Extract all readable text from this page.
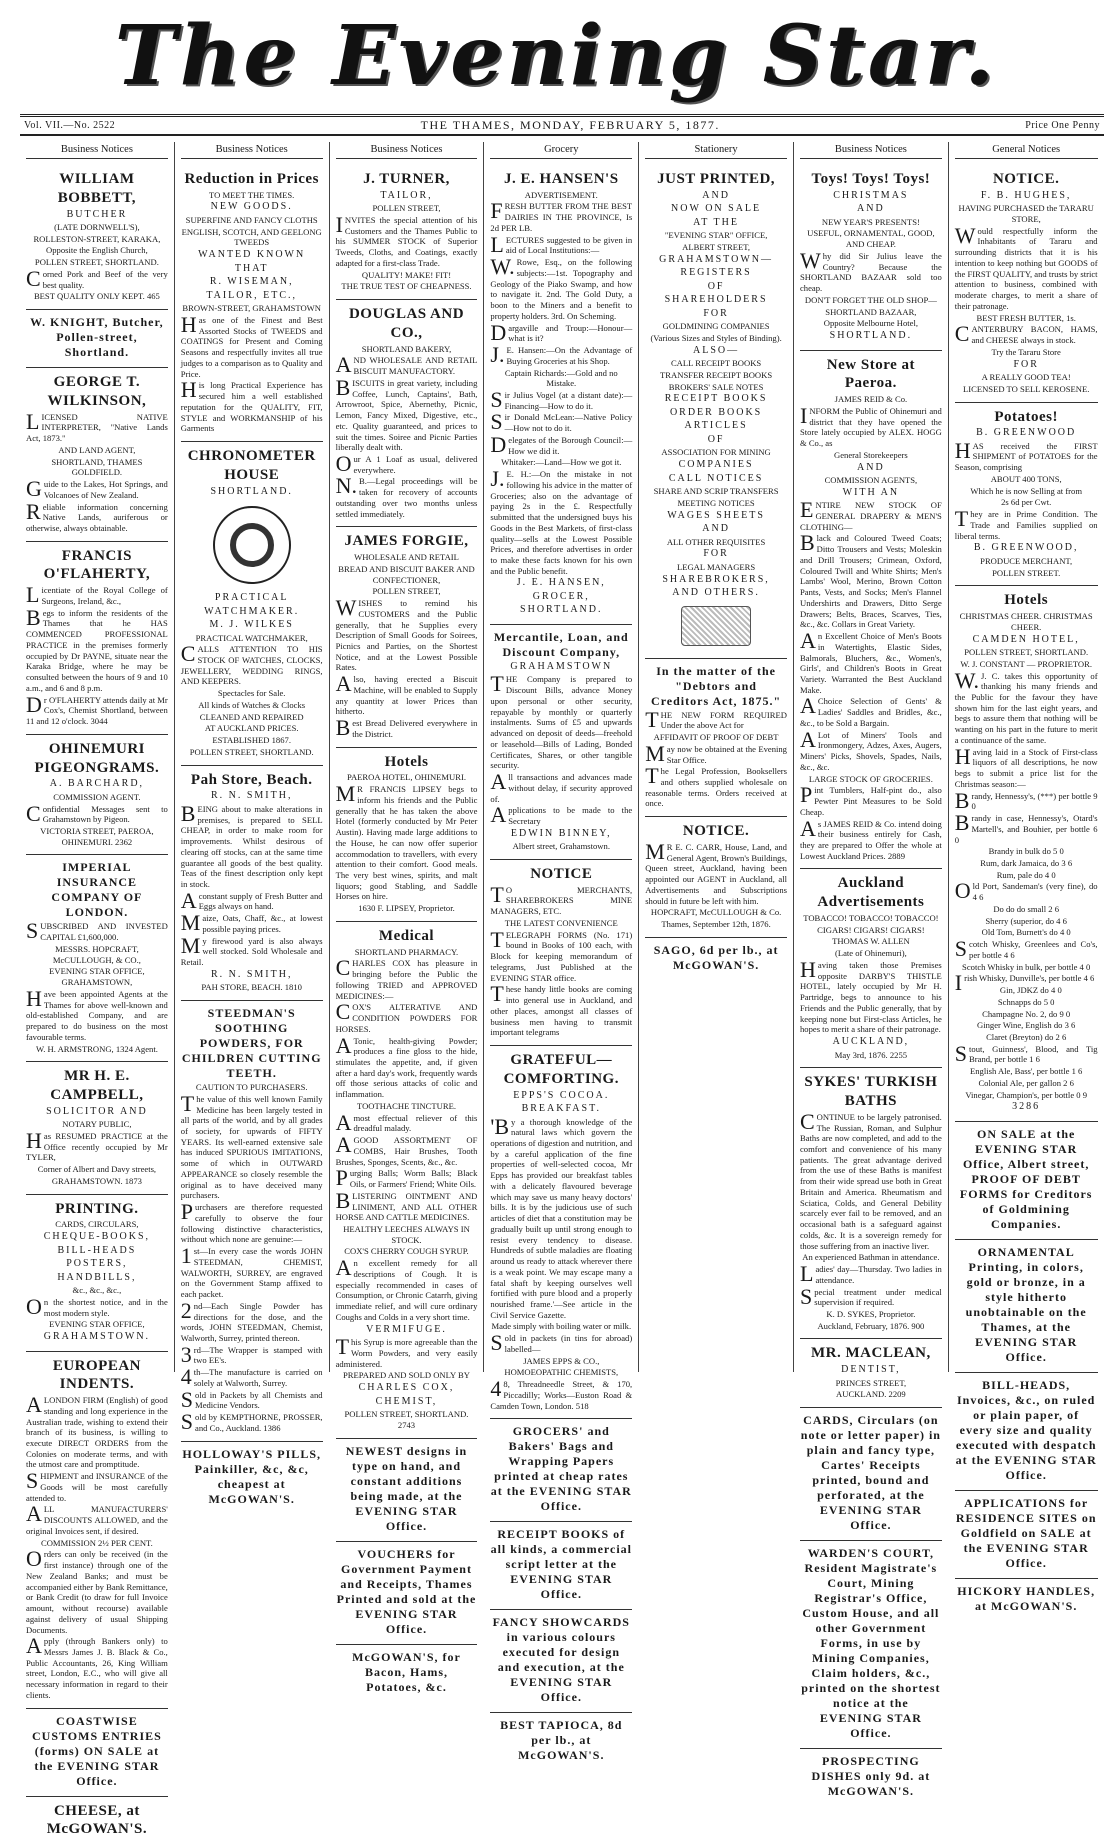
The Evening Star.
Vol. VII.—No. 2522	THE THAMES, MONDAY, FEBRUARY 5, 1877.	Price One Penny
Business Notices

WILLIAM BOBBETT,

BUTCHER

(LATE DORNWELL'S),

ROLLESTON-STREET, KARAKA,

Opposite the English Church,

POLLEN STREET, SHORTLAND.

Corned Pork and Beef of the very best quality.

BEST QUALITY ONLY KEPT. 465

W. KNIGHT, Butcher, Pollen-street, Shortland.

GEORGE T. WILKINSON,

LICENSED NATIVE INTERPRETER, "Native Lands Act, 1873."

AND LAND AGENT,

SHORTLAND, THAMES GOLDFIELD.

Guide to the Lakes, Hot Springs, and Volcanoes of New Zealand.

Reliable information concerning Native Lands, auriferous or otherwise, always obtainable.

FRANCIS O'FLAHERTY,

Licentiate of the Royal College of Surgeons, Ireland, &c.,

Begs to inform the residents of the Thames that he HAS COMMENCED PROFESSIONAL PRACTICE in the premises formerly occupied by Dr PAYNE, situate near the Karaka Bridge, where he may be consulted between the hours of 9 and 10 a.m., and 6 and 8 p.m.

Dr O'FLAHERTY attends daily at Mr Cox's, Chemist Shortland, between 11 and 12 o'clock. 3044

OHINEMURI PIGEONGRAMS.

A. BARCHARD,

COMMISSION AGENT.

Confidential Messages sent to Grahamstown by Pigeon.

VICTORIA STREET, PAEROA, OHINEMURI. 2362

IMPERIAL INSURANCE COMPANY OF LONDON.

SUBSCRIBED AND INVESTED CAPITAL £1,600,000.

MESSRS. HOPCRAFT, McCULLOUGH, & CO.,

EVENING STAR OFFICE, GRAHAMSTOWN,

Have been appointed Agents at the Thames for above well-known and old-established Company, and are prepared to do business on the most favourable terms.

W. H. ARMSTRONG, 1324 Agent.

MR H. E. CAMPBELL,

SOLICITOR AND

NOTARY PUBLIC,

Has RESUMED PRACTICE at the Office recently occupied by Mr TYLER,

Corner of Albert and Davy streets,

GRAHAMSTOWN. 1873

PRINTING.

CARDS, CIRCULARS,

CHEQUE-BOOKS,

BILL-HEADS

POSTERS,

HANDBILLS,

&c., &c., &c.,

On the shortest notice, and in the most modern style.

EVENING STAR OFFICE,

GRAHAMSTOWN.

EUROPEAN INDENTS.

ALONDON FIRM (English) of good standing and long experience in the Australian trade, wishing to extend their branch of its business, is willing to execute DIRECT ORDERS from the Colonies on moderate terms, and with the utmost care and promptitude.

SHIPMENT and INSURANCE of the Goods will be most carefully attended to.

ALL MANUFACTURERS' DISCOUNTS ALLOWED, and the original Invoices sent, if desired.

COMMISSION 2½ PER CENT.

Orders can only be received (in the first instance) through one of the New Zealand Banks; and must be accompanied either by Bank Remittance, or Bank Credit (to draw for full Invoice amount, without recourse) available against delivery of usual Shipping Documents.

Apply (through Bankers only) to Messrs James J. B. Black & Co., Public Accountants, 26, King William street, London, E.C., who will give all necessary information in regard to their clients.

COASTWISE CUSTOMS ENTRIES (forms) ON SALE at the EVENING STAR Office.

CHEESE, at McGOWAN'S.

Business Notices

Reduction in Prices

TO MEET THE TIMES.

NEW GOODS.

SUPERFINE AND FANCY CLOTHS

ENGLISH, SCOTCH, AND GEELONG TWEEDS

WANTED KNOWN

THAT

R. WISEMAN,

TAILOR, ETC.,

BROWN-STREET, GRAHAMSTOWN

Has one of the Finest and Best Assorted Stocks of TWEEDS and COATINGS for Present and Coming Seasons and respectfully invites all true judges to a comparison as to Quality and Price.

His long Practical Experience has secured him a well established reputation for the QUALITY, FIT, STYLE and WORKMANSHIP of his Garments

CHRONOMETER HOUSE

SHORTLAND.

PRACTICAL

WATCHMAKER.

M. J. WILKES

PRACTICAL WATCHMAKER,

CALLS ATTENTION TO HIS STOCK OF WATCHES, CLOCKS, JEWELLERY, WEDDING RINGS, AND KEEPERS.

Spectacles for Sale.

All kinds of Watches & Clocks

CLEANED AND REPAIRED

AT AUCKLAND PRICES.

ESTABLISHED 1867.

POLLEN STREET, SHORTLAND.

Pah Store, Beach.

R. N. SMITH,

BEING about to make alterations in premises, is prepared to SELL CHEAP, in order to make room for improvements. Whilst desirous of clearing off stocks, can at the same time guarantee all goods of the best quality. Teas of the finest description only kept in stock.

Aconstant supply of Fresh Butter and Eggs always on hand.

Maize, Oats, Chaff, &c., at lowest possible paying prices.

My firewood yard is also always well stocked. Sold Wholesale and Retail.

R. N. SMITH,

PAH STORE, BEACH. 1810

STEEDMAN'S SOOTHING POWDERS, FOR CHILDREN CUTTING TEETH.

CAUTION TO PURCHASERS.

The value of this well known Family Medicine has been largely tested in all parts of the world, and by all grades of society, for upwards of FIFTY YEARS. Its well-earned extensive sale has induced SPURIOUS IMITATIONS, some of which in OUTWARD APPEARANCE so closely resemble the original as to have deceived many purchasers.

Purchasers are therefore requested carefully to observe the four following distinctive characteristics, without which none are genuine:—

1st—In every case the words JOHN STEEDMAN, CHEMIST, WALWORTH, SURREY, are engraved on the Government Stamp affixed to each packet.

2nd—Each Single Powder has directions for the dose, and the words, JOHN STEEDMAN, Chemist, Walworth, Surrey, printed thereon.

3rd—The Wrapper is stamped with two EE's.

4th—The manufacture is carried on solely at Walworth, Surrey.

Sold in Packets by all Chemists and Medicine Vendors.

Sold by KEMPTHORNE, PROSSER, and Co., Auckland. 1386

HOLLOWAY'S PILLS, Painkiller, &c, &c, cheapest at McGOWAN'S.

Business Notices

J. TURNER,

TAILOR,

POLLEN STREET,

INVITES the special attention of his Customers and the Thames Public to his SUMMER STOCK of Superior Tweeds, Cloths, and Coatings, exactly adapted for a first-class Trade.

QUALITY! MAKE! FIT!

THE TRUE TEST OF CHEAPNESS.

DOUGLAS AND CO.,

SHORTLAND BAKERY,

AND WHOLESALE AND RETAIL BISCUIT MANUFACTORY.

BISCUITS in great variety, including Coffee, Lunch, Captains', Bath, Arrowroot, Spice, Abernethy, Picnic, Lemon, Fancy Mixed, Digestive, etc., etc. Quality guaranteed, and prices to suit the times. Soiree and Picnic Parties liberally dealt with.

Our A 1 Loaf as usual, delivered everywhere.

N.B.—Legal proceedings will be taken for recovery of accounts outstanding over two months unless settled immediately.

JAMES FORGIE,

WHOLESALE AND RETAIL

BREAD AND BISCUIT BAKER AND CONFECTIONER,

POLLEN STREET,

WISHES to remind his CUSTOMERS and the Public generally, that he Supplies every Description of Small Goods for Soirees, Picnics and Parties, on the Shortest Notice, and at the Lowest Possible Rates.

Also, having erected a Biscuit Machine, will be enabled to Supply any quantity at lower Prices than hitherto.

Best Bread Delivered everywhere in the District.

Hotels

PAEROA HOTEL, OHINEMURI.

MR FRANCIS LIPSEY begs to inform his friends and the Public generally that he has taken the above Hotel (formerly conducted by Mr Peter Austin). Having made large additions to the House, he can now offer superior accommodation to travellers, with every attention to their comfort. Good meals. The very best wines, spirits, and malt liquors; good Stabling, and Saddle Horses on hire.

1630 F. LIPSEY, Proprietor.

Medical

SHORTLAND PHARMACY.

CHARLES COX has pleasure in bringing before the Public the following TRIED and APPROVED MEDICINES:—

COX'S ALTERATIVE AND CONDITION POWDERS FOR HORSES.

ATonic, health-giving Powder; produces a fine gloss to the hide, stimulates the appetite, and, if given after a hard day's work, frequently wards off those serious attacks of colic and inflammation.

TOOTHACHE TINCTURE.

Amost effectual reliever of this dreadful malady.

AGOOD ASSORTMENT OF COMBS, Hair Brushes, Tooth Brushes, Sponges, Scents, &c., &c.

Purging Balls; Worm Balls; Black Oils, or Farmers' Friend; White Oils.

BLISTERING OINTMENT AND LINIMENT, AND ALL OTHER HORSE AND CATTLE MEDICINES.

HEALTHY LEECHES ALWAYS IN STOCK.

COX'S CHERRY COUGH SYRUP.

An excellent remedy for all descriptions of Cough. It is especially recommended in cases of Consumption, or Chronic Catarrh, giving immediate relief, and will cure ordinary Coughs and Colds in a very short time.

VERMIFUGE.

This Syrup is more agreeable than the Worm Powders, and very easily administered.

PREPARED AND SOLD ONLY BY

CHARLES COX,

CHEMIST,

POLLEN STREET, SHORTLAND. 2743

NEWEST designs in type on hand, and constant additions being made, at the EVENING STAR Office.

VOUCHERS for Government Payment and Receipts, Thames Printed and sold at the EVENING STAR Office.

McGOWAN'S, for Bacon, Hams, Potatoes, &c.

Grocery

J. E. HANSEN'S

ADVERTISEMENT.

FRESH BUTTER FROM THE BEST DAIRIES IN THE PROVINCE, Is 2d PER LB.

LECTURES suggested to be given in aid of Local Institutions:—

W.Rowe, Esq., on the following subjects:—1st. Topography and Geology of the Piako Swamp, and how to navigate it. 2nd. The Gold Duty, a boon to the Miners and a benefit to property holders. 3rd. On Scheming.

Dargaville and Troup:—Honour—what is it?

J.E. Hansen:—On the Advantage of Buying Groceries at his Shop.

Captain Richards:—Gold and no Mistake.

Sir Julius Vogel (at a distant date):—Financing—How to do it.

Sir Donald McLean:—Native Policy—How not to do it.

Delegates of the Borough Council:—How we did it.

Whitaker:—Land—How we got it.

J.E. H.:—On the mistake in not following his advice in the matter of Groceries; also on the advantage of paying 2s in the £. Respectfully submitted that the undersigned buys his Goods in the Best Markets, of first-class quality—sells at the Lowest Possible Prices, and therefore advertises in order to make these facts known for his own and the Public benefit.

J. E. HANSEN,

GROCER,

SHORTLAND.

Mercantile, Loan, and Discount Company,

GRAHAMSTOWN

THE Company is prepared to Discount Bills, advance Money upon personal or other security, repayable by monthly or quarterly instalments. Sums of £5 and upwards advanced on deposit of deeds—freehold or leasehold—Bills of Lading, Bonded Certificates, Shares, or other tangible security.

All transactions and advances made without delay, if security approved of.

Applications to be made to the Secretary

EDWIN BINNEY,

Albert street, Grahamstown.

NOTICE

TO MERCHANTS, SHAREBROKERS MINE MANAGERS, ETC.

THE LATEST CONVENIENCE

TELEGRAPH FORMS (No. 171) bound in Books of 100 each, with Block for keeping memorandum of telegrams, Just Published at the EVENING STAR office.

These handy little books are coming into general use in Auckland, and other places, amongst all classes of business men having to transmit important telegrams

GRATEFUL—COMFORTING.

EPPS'S COCOA.

BREAKFAST.

'By a thorough knowledge of the natural laws which govern the operations of digestion and nutrition, and by a careful application of the fine properties of well-selected cocoa, Mr Epps has provided our breakfast tables with a delicately flavoured beverage which may save us many heavy doctors' bills. It is by the judicious use of such articles of diet that a constitution may be gradually built up until strong enough to resist every tendency to disease. Hundreds of subtle maladies are floating around us ready to attack wherever there is a weak point. We may escape many a fatal shaft by keeping ourselves well fortified with pure blood and a properly nourished frame.'—See article in the Civil Service Gazette.

Made simply with boiling water or milk.

Sold in packets (in tins for abroad) labelled—

JAMES EPPS & CO.,

HOMOEOPATHIC CHEMISTS,

48, Threadneedle Street, & 170, Piccadilly; Works—Euston Road & Camden Town, London. 518

GROCERS' and Bakers' Bags and Wrapping Papers printed at cheap rates at the EVENING STAR Office.

RECEIPT BOOKS of all kinds, a commercial script letter at the EVENING STAR Office.

FANCY SHOWCARDS in various colours executed for design and execution, at the EVENING STAR Office.

BEST TAPIOCA, 8d per lb., at McGOWAN'S.

Stationery

JUST PRINTED,

AND

NOW ON SALE

AT THE

"EVENING STAR" OFFICE,

ALBERT STREET,

GRAHAMSTOWN—

REGISTERS

OF

SHAREHOLDERS

FOR

GOLDMINING COMPANIES

(Various Sizes and Styles of Binding).

ALSO—

CALL RECEIPT BOOKS

TRANSFER RECEIPT BOOKS

BROKERS' SALE NOTES

RECEIPT BOOKS

ORDER BOOKS

ARTICLES

OF

ASSOCIATION FOR MINING

COMPANIES

CALL NOTICES

SHARE AND SCRIP TRANSFERS

MEETING NOTICES

WAGES SHEETS

AND

ALL OTHER REQUISITES

FOR

LEGAL MANAGERS

SHAREBROKERS,

AND OTHERS.

In the matter of the "Debtors and Creditors Act, 1875."

THE NEW FORM REQUIRED Under the above Act for

AFFIDAVIT OF PROOF OF DEBT

May now be obtained at the Evening Star Office.

The Legal Profession, Booksellers and others supplied wholesale on reasonable terms. Orders received at once.

NOTICE.

MR E. C. CARR, House, Land, and General Agent, Brown's Buildings, Queen street, Auckland, having been appointed our AGENT in Auckland, all Advertisements and Subscriptions should in future be left with him.

HOPCRAFT, McCULLOUGH & Co.

Thames, September 12th, 1876.

SAGO, 6d per lb., at McGOWAN'S.

Business Notices

Toys! Toys! Toys!

CHRISTMAS

AND

NEW YEAR'S PRESENTS!

USEFUL, ORNAMENTAL, GOOD, AND CHEAP.

Why did Sir Julius leave the Country? Because the SHORTLAND BAZAAR sold too cheap.

DON'T FORGET THE OLD SHOP—

SHORTLAND BAZAAR,

Opposite Melbourne Hotel,

SHORTLAND.

New Store at Paeroa.

JAMES REID & Co.

INFORM the Public of Ohinemuri and district that they have opened the Store lately occupied by ALEX. HOGG & Co., as

General Storekeepers

AND

COMMISSION AGENTS,

WITH AN

ENTIRE NEW STOCK OF GENERAL DRAPERY & MEN'S CLOTHING—

Black and Coloured Tweed Coats; Ditto Trousers and Vests; Moleskin and Drill Trousers; Crimean, Oxford, Coloured Twill and White Shirts; Men's Lambs' Wool, Merino, Brown Cotton Pants, Vests, and Socks; Men's Flannel Undershirts and Drawers, Ditto Serge Drawers; Belts, Braces, Scarves, Ties, &c., &c. Collars in Great Variety.

An Excellent Choice of Men's Boots in Watertights, Elastic Sides, Balmorals, Bluchers, &c., Women's, Girls', and Children's Boots in Great Variety. Warranted the Best Auckland Make.

AChoice Selection of Gents' & Ladies' Saddles and Bridles, &c., &c., to be Sold a Bargain.

ALot of Miners' Tools and Ironmongery, Adzes, Axes, Augers, Miners' Picks, Shovels, Spades, Nails, &c., &c.

LARGE STOCK OF GROCERIES.

Pint Tumblers, Half-pint do., also Pewter Pint Measures to be Sold Cheap.

As JAMES REID & Co. intend doing their business entirely for Cash, they are prepared to Offer the whole at Lowest Auckland Prices. 2889

Auckland Advertisements

TOBACCO! TOBACCO! TOBACCO!

CIGARS! CIGARS! CIGARS!

THOMAS W. ALLEN

(Late of Ohinemuri),

Having taken those Premises opposite DARBY'S THISTLE HOTEL, lately occupied by Mr H. Partridge, begs to announce to his Friends and the Public generally, that by keeping none but First-class Articles, he hopes to merit a share of their patronage.

AUCKLAND,

May 3rd, 1876. 2255

SYKES' TURKISH BATHS

CONTINUE to be largely patronised. The Russian, Roman, and Sulphur Baths are now completed, and add to the comfort and convenience of his many patients. The great advantage derived from the use of these Baths is manifest from their wide spread use both in Great Britain and America. Rheumatism and Sciatica, Colds, and General Debility scarcely ever fail to be removed, and an occasional bath is a safeguard against colds, &c. It is a sovereign remedy for those suffering from an inactive liver.

An experienced Bathman in attendance.

Ladies' day—Thursday. Two ladies in attendance.

Special treatment under medical supervision if required.

K. D. SYKES, Proprietor.

Auckland, February, 1876. 900

MR. MACLEAN,

DENTIST,

PRINCES STREET,

AUCKLAND. 2209

CARDS, Circulars (on note or letter paper) in plain and fancy type, Cartes' Receipts printed, bound and perforated, at the EVENING STAR Office.

WARDEN'S COURT, Resident Magistrate's Court, Mining Registrar's Office, Custom House, and all other Government Forms, in use by Mining Companies, Claim holders, &c., printed on the shortest notice at the EVENING STAR Office.

PROSPECTING DISHES only 9d. at McGOWAN'S.

General Notices

NOTICE.

F. B. HUGHES,

HAVING PURCHASED the TARARU STORE,

Would respectfully inform the Inhabitants of Tararu and surrounding districts that it is his intention to keep nothing but GOODS of the FIRST QUALITY, and trusts by strict attention to business, combined with moderate charges, to merit a share of their patronage.

BEST FRESH BUTTER, 1s.

CANTERBURY BACON, HAMS, and CHEESE always in stock.

Try the Tararu Store

FOR

A REALLY GOOD TEA!

LICENSED TO SELL KEROSENE.

Potatoes!

B. GREENWOOD

HAS received the FIRST SHIPMENT of POTATOES for the Season, comprising

ABOUT 400 TONS,

Which he is now Selling at from

2s 6d per Cwt.

They are in Prime Condition. The Trade and Families supplied on liberal terms.

B. GREENWOOD,

PRODUCE MERCHANT,

POLLEN STREET.

Hotels

CHRISTMAS CHEER. CHRISTMAS CHEER.

CAMDEN HOTEL,

POLLEN STREET, SHORTLAND.

W. J. CONSTANT — PROPRIETOR.

W.J. C. takes this opportunity of thanking his many friends and the Public for the favour they have shown him for the last eight years, and begs to assure them that nothing will be wanting on his part in the future to merit a continuance of the same.

Having laid in a Stock of First-class liquors of all descriptions, he now begs to submit a price list for the Christmas season:—

Brandy, Hennessy's, (***) per bottle 9 0

Brandy in case, Hennessy's, Otard's Martell's, and Bouhier, per bottle 6 0

Brandy in bulk do 5 0

Rum, dark Jamaica, do 3 6

Rum, pale do 4 0

Old Port, Sandeman's (very fine), do 4 6

Do do do small 2 6

Sherry (superior, do 4 6

Old Tom, Burnett's do 4 0

Scotch Whisky, Greenlees and Co's, per bottle 4 6

Scotch Whisky in bulk, per bottle 4 0

Irish Whisky, Dunville's, per bottle 4 6

Gin, JDKZ do 4 0

Schnapps do 5 0

Champagne No. 2, do 9 0

Ginger Wine, English do 3 6

Claret (Breyton) do 2 6

Stout, Guinness', Blood, and Tig Brand, per bottle 1 6

English Ale, Bass', per bottle 1 6

Colonial Ale, per gallon 2 6

Vinegar, Champion's, per bottle 0 9

3286

ON SALE at the EVENING STAR Office, Albert street, PROOF OF DEBT FORMS for Creditors of Goldmining Companies.

ORNAMENTAL Printing, in colors, gold or bronze, in a style hitherto unobtainable on the Thames, at the EVENING STAR Office.

BILL-HEADS, Invoices, &c., on ruled or plain paper, of every size and quality executed with despatch at the EVENING STAR Office.

APPLICATIONS for RESIDENCE SITES on Goldfield on SALE at the EVENING STAR Office.

HICKORY HANDLES, at McGOWAN'S.
